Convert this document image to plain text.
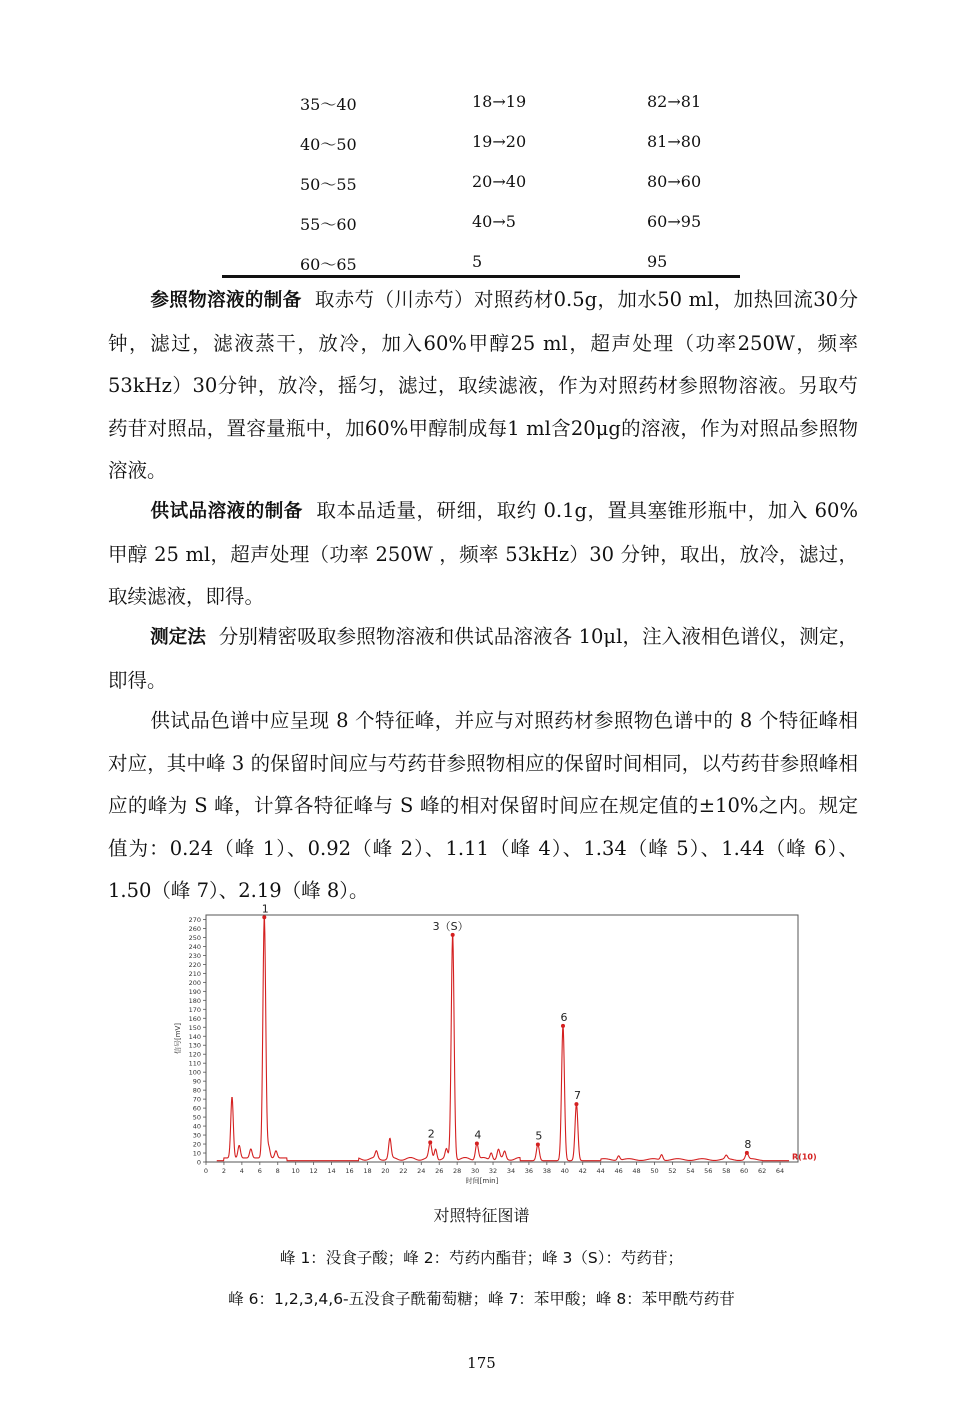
35～40	18→19	82→81
40～50	19→20	81→80
50～55	20→40	80→60
55～60	40→5	60→95
60～65	5	95
参照物溶液的制备 取赤芍（川赤芍）对照药材0.5g，加水50 ml，加热回流30分钟，滤过，滤液蒸干，放冷，加入60%甲醇25 ml，超声处理（功率250W，频率53kHz）30分钟，放冷，摇匀，滤过，取续滤液，作为对照药材参照物溶液。另取芍药苷对照品，置容量瓶中，加60%甲醇制成每1 ml含20μg的溶液，作为对照品参照物溶液。
供试品溶液的制备 取本品适量，研细，取约 0.1g，置具塞锥形瓶中，加入 60%甲醇 25 ml，超声处理（功率 250W ，频率 53kHz）30 分钟，取出，放冷，滤过，取续滤液，即得。
测定法 分别精密吸取参照物溶液和供试品溶液各 10μl，注入液相色谱仪，测定，即得。
供试品色谱中应呈现 8 个特征峰，并应与对照药材参照物色谱中的 8 个特征峰相对应，其中峰 3 的保留时间应与芍药苷参照物相应的保留时间相同，以芍药苷参照峰相应的峰为 S 峰，计算各特征峰与 S 峰的相对保留时间应在规定值的±10%之内。规定值为：0.24（峰 1）、0.92（峰 2）、1.11（峰 4）、1.34（峰 5）、1.44（峰 6）、1.50（峰 7）、2.19（峰 8）。
0
10
20
30
40
50
60
70
80
90
100
110
120
130
140
150
160
170
180
190
200
210
220
230
240
250
260
270
0 2 4 6 8 10 12 14 16 18 20 22 24 26 28 30 32 34 36 38 40 42 44 46 48 50 52 54 56 58 60 62 64
信号[mV]
时间[min]
1
2
3（S）
4	5
6
7
8
R(10)
对照特征图谱
峰 1：没食子酸；峰 2：芍药内酯苷；峰 3（S）：芍药苷；
峰 6：1,2,3,4,6-五没食子酰葡萄糖；峰 7：苯甲酸；峰 8：苯甲酰芍药苷
175
